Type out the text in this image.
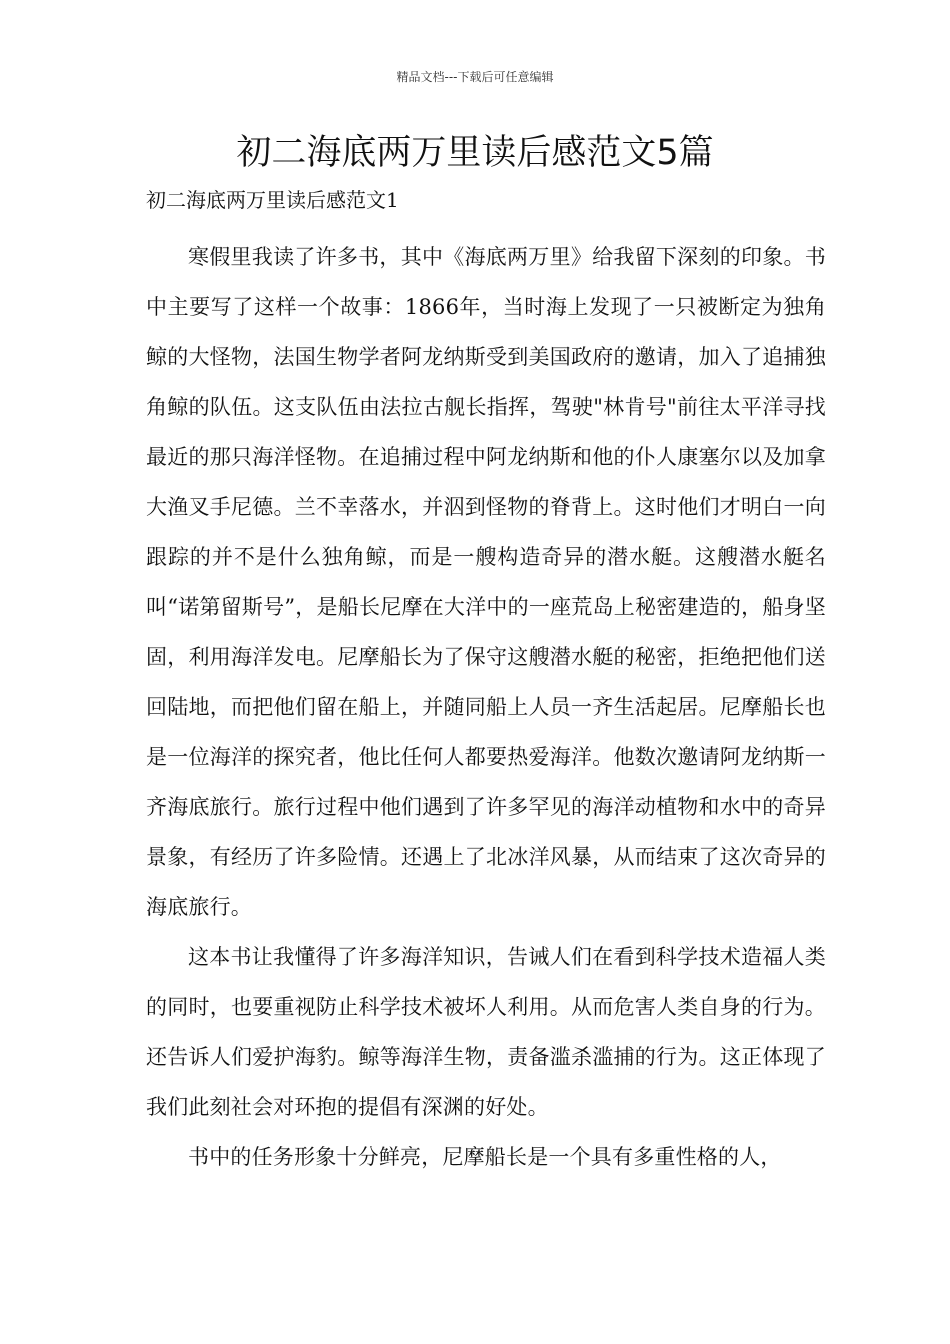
精品文档---下载后可任意编辑
初二海底两万里读后感范文5篇
初二海底两万里读后感范文1

寒假里我读了许多书，其中《海底两万里》给我留下深刻的印象。书中主要写了这样一个故事：1866年，当时海上发现了一只被断定为独角鲸的大怪物，法国生物学者阿龙纳斯受到美国政府的邀请，加入了追捕独角鲸的队伍。这支队伍由法拉古舰长指挥，驾驶"林肯号"前往太平洋寻找最近的那只海洋怪物。在追捕过程中阿龙纳斯和他的仆人康塞尔以及加拿大渔叉手尼德。兰不幸落水，并泅到怪物的脊背上。这时他们才明白一向跟踪的并不是什么独角鲸，而是一艘构造奇异的潜水艇。这艘潜水艇名叫“诺第留斯号”，是船长尼摩在大洋中的一座荒岛上秘密建造的，船身坚固，利用海洋发电。尼摩船长为了保守这艘潜水艇的秘密，拒绝把他们送回陆地，而把他们留在船上，并随同船上人员一齐生活起居。尼摩船长也是一位海洋的探究者，他比任何人都要热爱海洋。他数次邀请阿龙纳斯一齐海底旅行。旅行过程中他们遇到了许多罕见的海洋动植物和水中的奇异景象，有经历了许多险情。还遇上了北冰洋风暴，从而结束了这次奇异的海底旅行。

这本书让我懂得了许多海洋知识，告诫人们在看到科学技术造福人类的同时，也要重视防止科学技术被坏人利用。从而危害人类自身的行为。还告诉人们爱护海豹。鲸等海洋生物，责备滥杀滥捕的行为。这正体现了我们此刻社会对环抱的提倡有深渊的好处。

书中的任务形象十分鲜亮，尼摩船长是一个具有多重性格的人，
